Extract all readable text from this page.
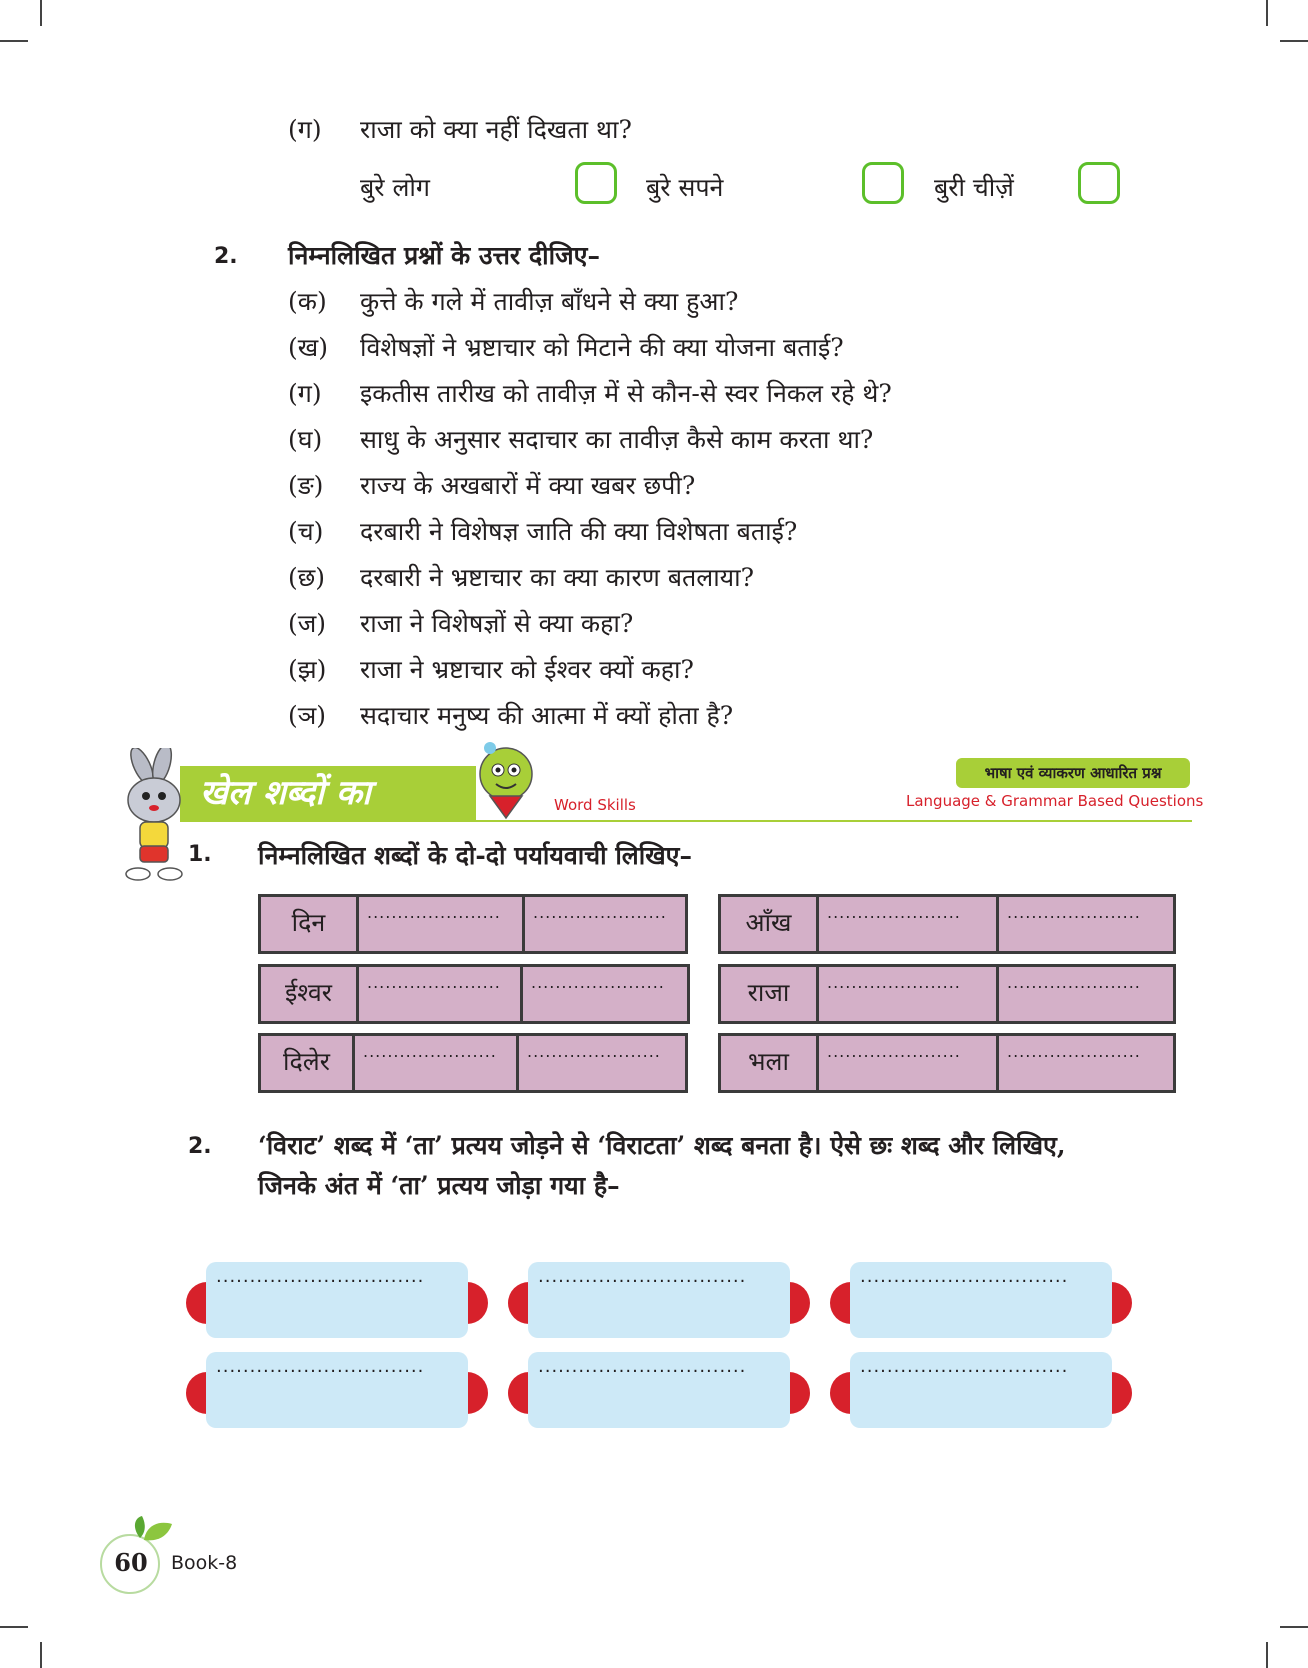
(ग) राजा को क्या नहीं दिखता था?
बुरे लोग	बुरे सपने	बुरी चीज़ें
2. निम्नलिखित प्रश्नों के उत्तर दीजिए–
(क) कुत्ते के गले में तावीज़ बाँधने से क्या हुआ?
(ख) विशेषज्ञों ने भ्रष्टाचार को मिटाने की क्या योजना बताई?
(ग) इकतीस तारीख को तावीज़ में से कौन-से स्वर निकल रहे थे?
(घ) साधु के अनुसार सदाचार का तावीज़ कैसे काम करता था?
(ङ) राज्य के अखबारों में क्या खबर छपी?
(च) दरबारी ने विशेषज्ञ जाति की क्या विशेषता बताई?
(छ) दरबारी ने भ्रष्टाचार का क्या कारण बतलाया?
(ज) राजा ने विशेषज्ञों से क्या कहा?
(झ) राजा ने भ्रष्टाचार को ईश्वर क्यों कहा?
(ञ) सदाचार मनुष्य की आत्मा में क्यों होता है?
खेल शब्दों का	Word Skills
भाषा एवं व्याकरण आधारित प्रश्न
Language & Grammar Based Questions
1. निम्नलिखित शब्दों के दो-दो पर्यायवाची लिखिए–
दिन	......................	......................
ईश्वर	......................	......................
दिलेर	......................	......................
आँख	......................	......................
राजा	......................	......................
भला	......................	......................
2. ‘विराट’ शब्द में ‘ता’ प्रत्यय जोड़ने से ‘विराटता’ शब्द बनता है। ऐसे छः शब्द और लिखिए,
जिनके अंत में ‘ता’ प्रत्यय जोड़ा गया है–
...............................	...............................	...............................
...............................	...............................	...............................
60	Book-8
